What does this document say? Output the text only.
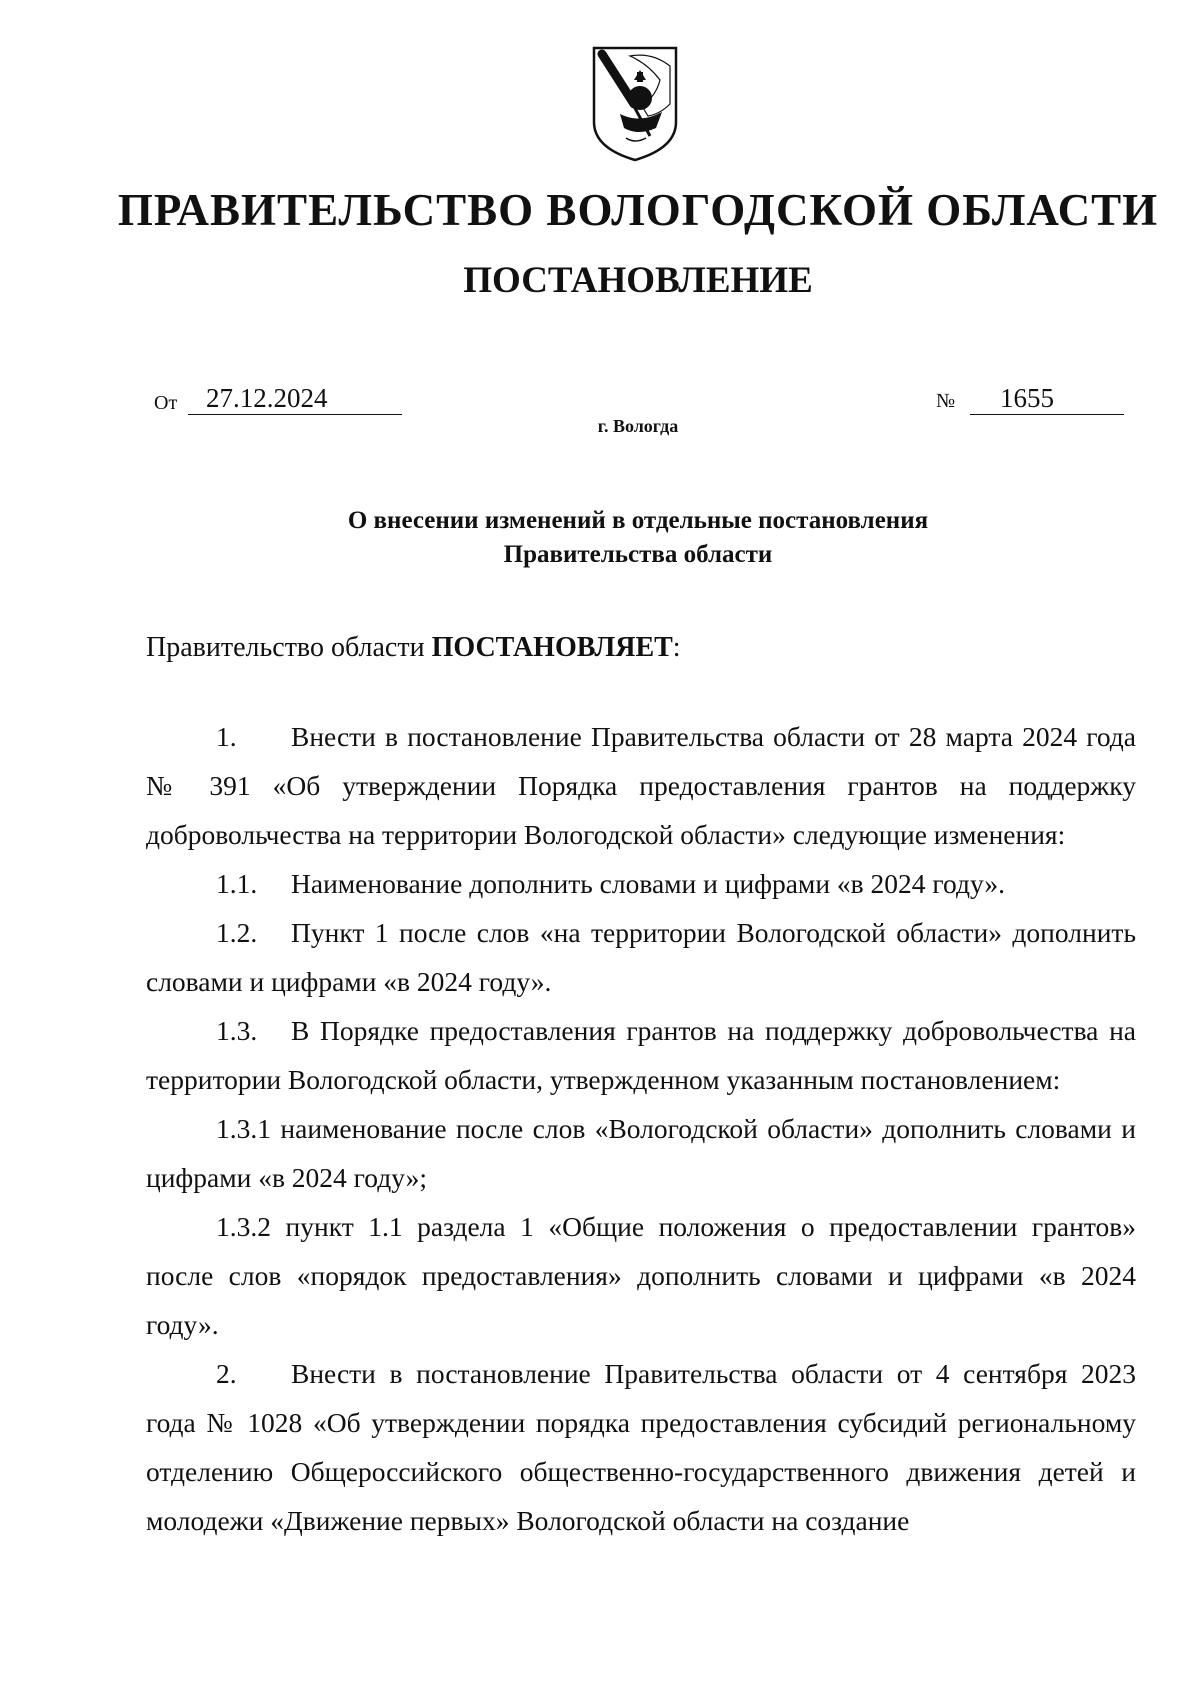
ПРАВИТЕЛЬСТВО ВОЛОГОДСКОЙ ОБЛАСТИ
ПОСТАНОВЛЕНИЕ
От	27.12.2024	№	1655
г. Вологда
О внесении изменений в отдельные постановления
Правительства области
Правительство области ПОСТАНОВЛЯЕТ:
1. Внести в постановление Правительства области от 28 марта 2024 года № 391 «Об утверждении Порядка предоставления грантов на поддержку добровольчества на территории Вологодской области» следующие изменения:
1.1. Наименование дополнить словами и цифрами «в 2024 году».
1.2. Пункт 1 после слов «на территории Вологодской области» дополнить словами и цифрами «в 2024 году».
1.3. В Порядке предоставления грантов на поддержку добровольчества на территории Вологодской области, утвержденном указанным постановлением:
1.3.1 наименование после слов «Вологодской области» дополнить словами и цифрами «в 2024 году»;
1.3.2 пункт 1.1 раздела 1 «Общие положения о предоставлении грантов» после слов «порядок предоставления» дополнить словами и цифрами «в 2024 году».
2. Внести в постановление Правительства области от 4 сентября 2023 года № 1028 «Об утверждении порядка предоставления субсидий региональному отделению Общероссийского общественно-государственного движения детей и молодежи «Движение первых» Вологодской области на создание
